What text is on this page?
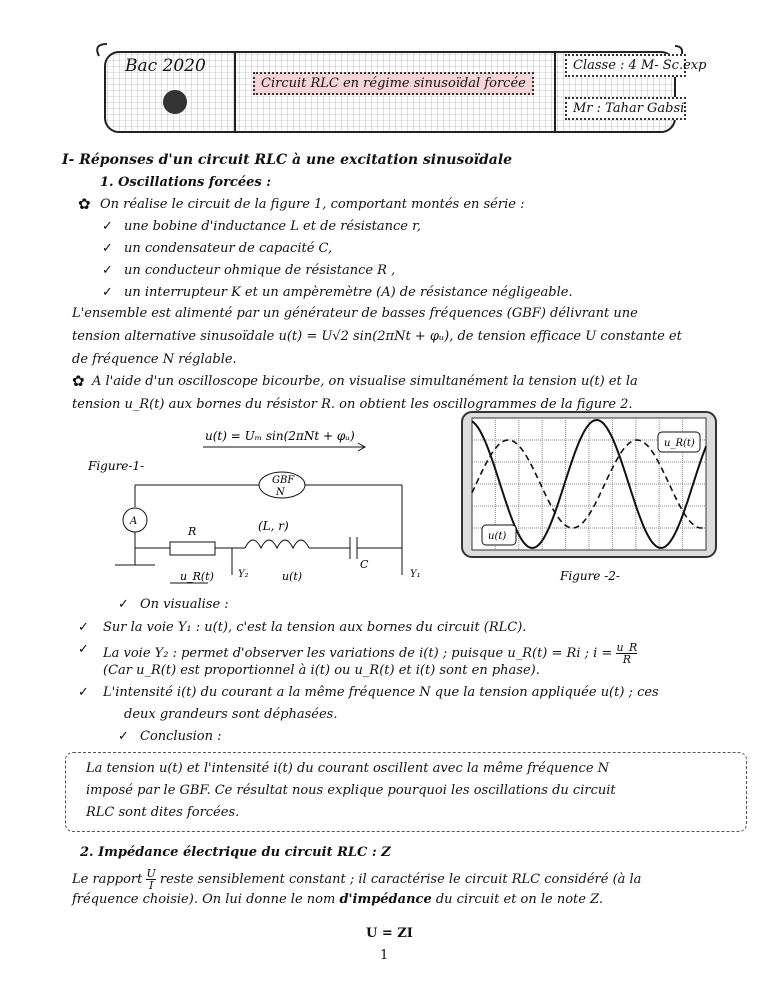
Bac 2020
Circuit RLC en régime sinusoïdal forcée
Classe : 4 M- Sc.exp
Mr : Tahar Gabsi
I- Réponses d'un circuit RLC à une excitation sinusoïdale
1. Oscillations forcées :
✿ On réalise le circuit de la figure 1, comportant montés en série :
✓ une bobine d'inductance L et de résistance r,
✓ un condensateur de capacité C,
✓ un conducteur ohmique de résistance R ,
✓ un interrupteur K et un ampèremètre (A) de résistance négligeable.
L'ensemble est alimenté par un générateur de basses fréquences (GBF) délivrant une
tension alternative sinusoïdale u(t) = U√2 sin(2πNt + φᵤ), de tension efficace U constante et
de fréquence N réglable.
✿ A l'aide d'un oscilloscope bicourbe, on visualise simultanément la tension u(t) et la
tension u_R(t) aux bornes du résistor R. on obtient les oscillogrammes de la figure 2.
u(t) = Uₘ sin(2πNt + φᵤ)
Figure-1-
GBF
N
A
R	(L, r)
C
u_R(t) Y₂	u(t)	Y₁
u_R(t)
u(t)
Figure -2-
✓ On visualise :
✓ Sur la voie Y₁ : u(t), c'est la tension aux bornes du circuit (RLC).
✓ La voie Y₂ : permet d'observer les variations de i(t) ; puisque u_R(t) = Ri ; $i = \frac{u\_R}{R}$
(Car u_R(t) est proportionnel à i(t) ou u_R(t) et i(t) sont en phase).
✓ L'intensité i(t) du courant a la même fréquence N que la tension appliquée u(t) ; ces
deux grandeurs sont déphasées.
✓ Conclusion :
La tension u(t) et l'intensité i(t) du courant oscillent avec la même fréquence N
imposé par le GBF. Ce résultat nous explique pourquoi les oscillations du circuit
RLC sont dites forcées.
2. Impédance électrique du circuit RLC : Z
Le rapport $\frac{U}{I}$ reste sensiblement constant ; il caractérise le circuit RLC considéré (à la
fréquence choisie). On lui donne le nom d'impédance du circuit et on le note Z.
U = ZI
1
